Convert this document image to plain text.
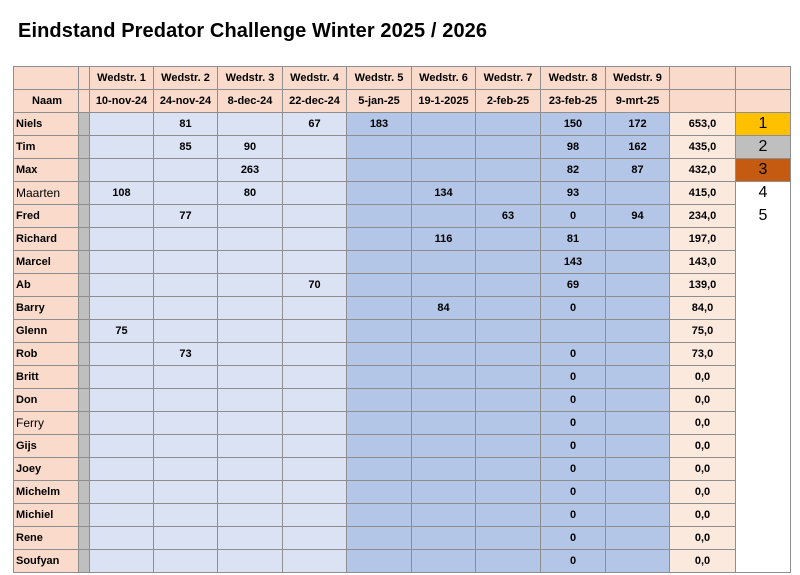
Eindstand Predator Challenge Winter 2025 / 2026
		Wedstr. 1	Wedstr. 2	Wedstr. 3	Wedstr. 4	Wedstr. 5	Wedstr. 6	Wedstr. 7	Wedstr. 8	Wedstr. 9		
Naam		10-nov-24	24-nov-24	8-dec-24	22-dec-24	5-jan-25	19-1-2025	2-feb-25	23-feb-25	9-mrt-25		
Niels			81		67	183			150	172	653,0	1
Tim			85	90					98	162	435,0	2
Max				263					82	87	432,0	3
Maarten		108		80			134		93		415,0	4
Fred			77					63	0	94	234,0	5
Richard							116		81		197,0	
Marcel									143		143,0	
Ab					70				69		139,0	
Barry							84		0		84,0	
Glenn		75									75,0	
Rob			73						0		73,0	
Britt									0		0,0	
Don									0		0,0	
Ferry									0		0,0	
Gijs									0		0,0	
Joey									0		0,0	
Michelm									0		0,0	
Michiel									0		0,0	
Rene									0		0,0	
Soufyan									0		0,0	
